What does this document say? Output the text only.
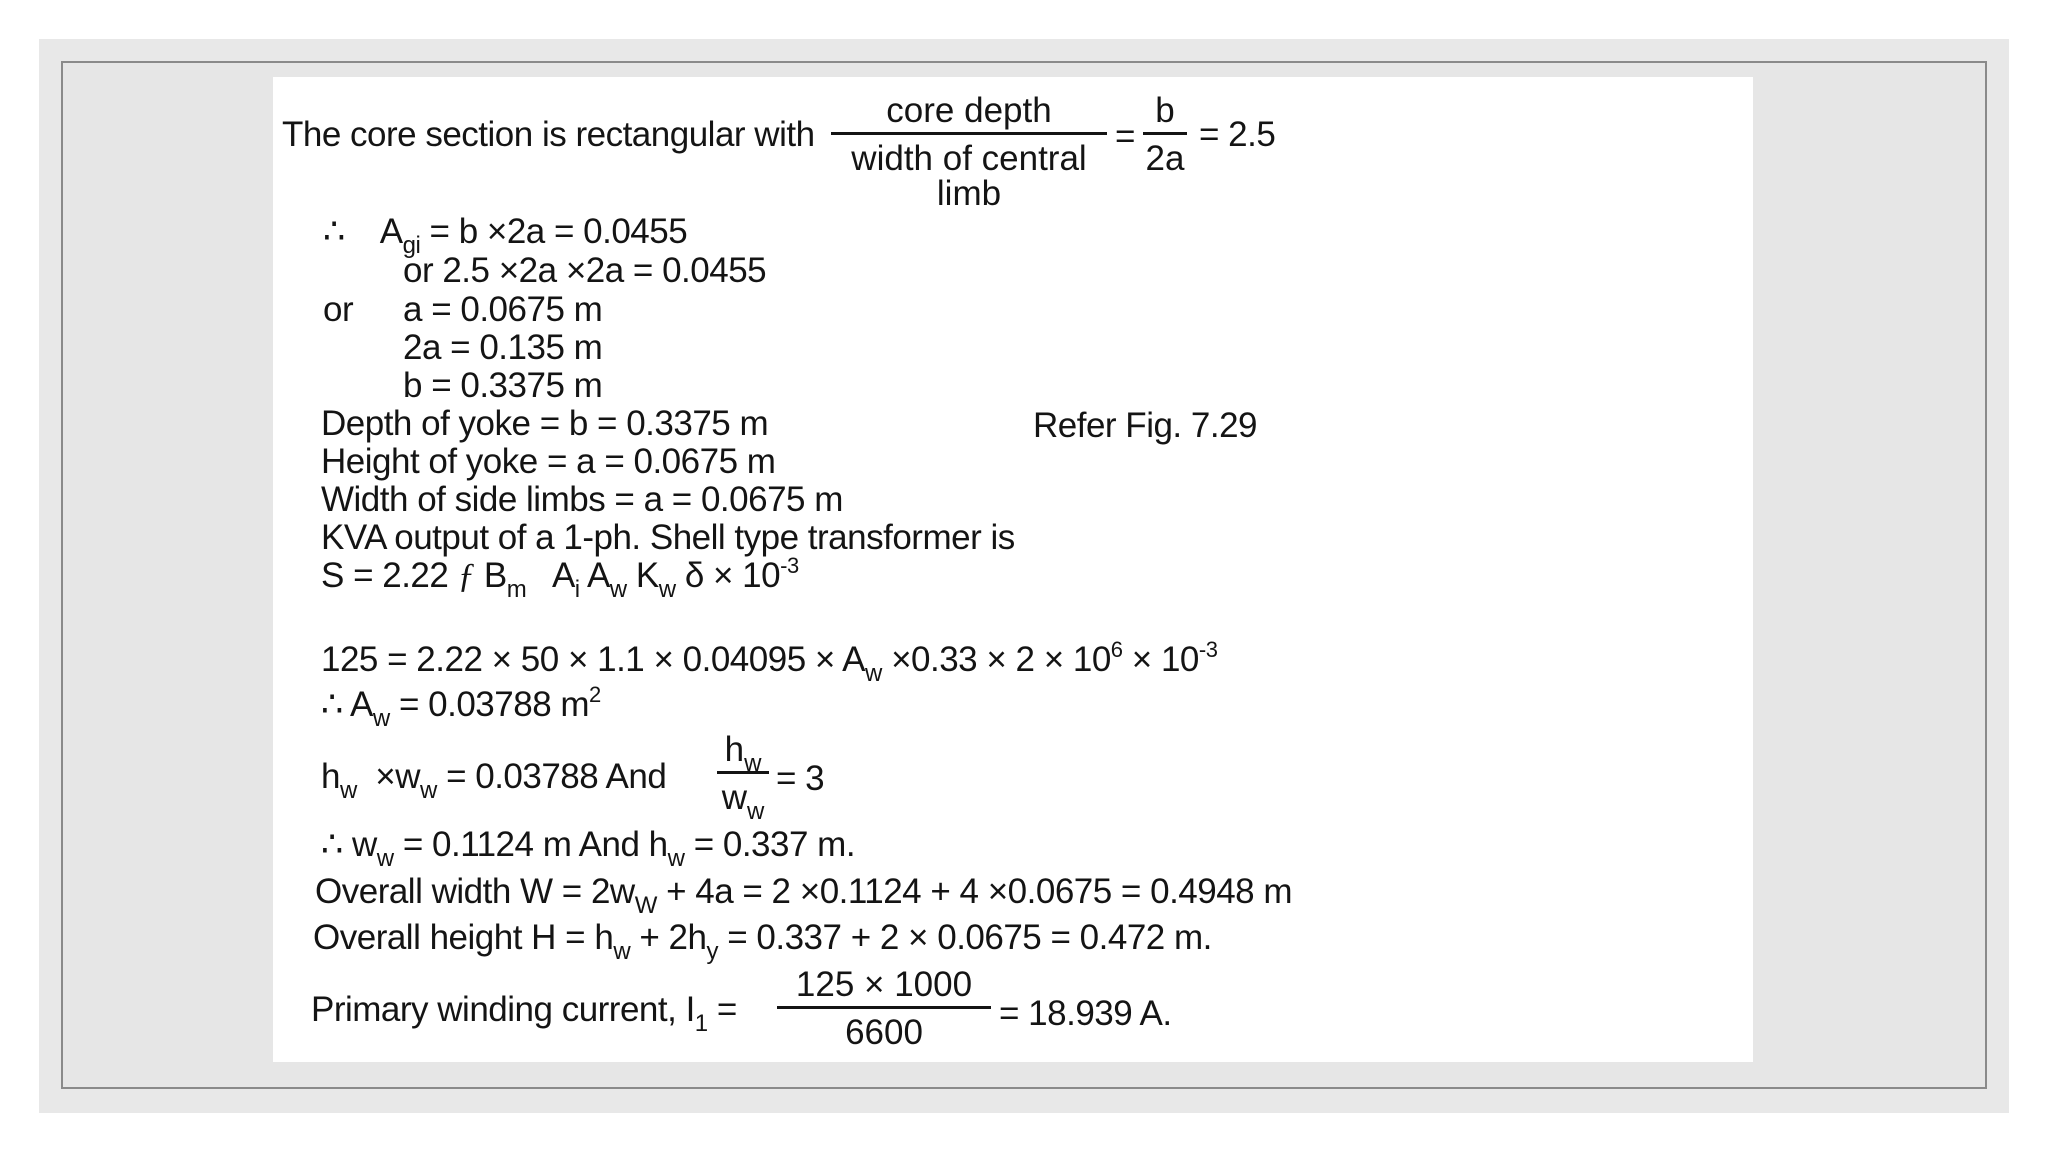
The core section is rectangular with
core depth
width of central limb
=
b
2a
= 2.5
∴ $A_{gi} = b \times 2a = 0.0455$
or 2.5 ×2a ×2a = 0.0455
or a = 0.0675 m
2a = 0.135 m
b = 0.3375 m
Depth of yoke = b = 0.3375 m	Refer Fig. 7.29
Height of yoke = a = 0.0675 m
Width of side limbs = a = 0.0675 m
KVA output of a 1-ph. Shell type transformer is
S = 2.22 ƒ $B_m$ $A_i$ $A_w$ $K_w$ $\delta \times 10^{-3}$
$125 = 2.22 \times 50 \times 1.1 \times 0.04095 \times A_w \times 0.33 \times 2 \times 10^6 \times 10^{-3}$
∴ $A_w = 0.03788$ $m^2$
$h_w \times w_w = 0.03788$ And
$h_w$
$w_w$
= 3
∴ $w_w = 0.1124$ m And $h_w = 0.337$ m.
Overall width $W = 2w_W + 4a = 2 \times 0.1124 + 4 \times 0.0675 = 0.4948$ m
Overall height $H = h_w + 2h_y = 0.337 + 2 \times 0.0675 = 0.472$ m.
Primary winding current, $I_1$ =
125 × 1000
6600	= 18.939 A.
